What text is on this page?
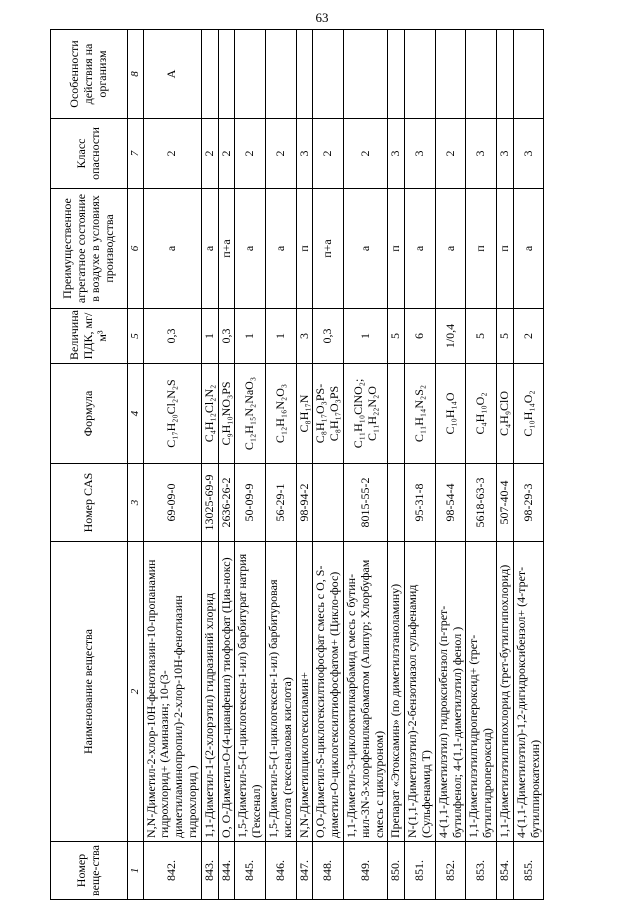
63
Номер веще-ства	Наименование вещества	Номер CAS	Формула	Величина ПДК, мг/м³	Преимущественное агрегатное состояние в воздухе в условиях производства	Класс опасности	Особенности действия на организм
1	2	3	4	5	6	7	8
842.	N,N-Диметил-2-хлор-10Н-фенотиазин-10-пропанамин гидрохлорид+ (Аминазин; 10-(3-диметиламинопропил)-2-хлор-10Н-фенотиазин гидрохлорид )	69-09-0	C₁₇H₂₀Cl₂N₂S	0,3	а	2	А
843.	1,1-Диметил-1-(2-хлорэтил) гидразиний хлорид	13025-69-9	C₄H₁₂Cl₂N₂	1	а	2	
844.	О, О-Диметил-О-(4-цианфенил) тиофосфат (Циа-нокс)	2636-26-2	C₉H₁₀NO₃PS	0,3	п+а	2	
845.	1,5-Диметил-5-(1-циклогексен-1-ил) барбитурат натрия (Гексенал)	50-09-9	C₁₂H₁₅N₂NaO₃	1	а	2	
846.	1,5-Диметил-5-(1-циклогексен-1-ил) барбитуровая кислота (гексеналовая кислота)	56-29-1	C₁₂H₁₆N₂O₃	1	а	2	
847.	N,N-Диметилциклогексиламин+	98-94-2	C₈H₁₇N	3	п	3	
848.	О,О-Диметил-S-циклогексилтиофосфат смесь с О, S-диметил-О-циклогексилтиофосфатом+ (Цикло-фос)		C₈H₁₇O₃PS-C₈H₁₇O₃PS	0,3	п+а	2	
849.	1,1-Диметил-3-циклооктилкарбамид смесь с бутин-нил-3N-3-хлорфенилкарбаматом (Алипур; Хлорбуфам смесь с циклуроном)	8015-55-2	C₁₁H₁₀ClNO₂; C₁₁H₂₂N₂O	1	а	2	
850.	Препарат «Этоксамин» (по диметилэтаноламину)			5	п	3	
851.	N-(1,1-Диметилэтил)-2-бензотиазол сульфенамид (Сульфенамид Т)	95-31-8	C₁₁H₁₄N₂S₂	6	а	3	
852.	4-(1,1-Диметилэтил) гидроксибензол (п-трет-бутилфенол; 4-(1,1-диметилэтил) фенол )	98-54-4	C₁₀H₁₄O	1/0,4	а	2	
853.	1,1-Диметилэтилгидропероксид+ (трет-бутилгидропероксид)	5618-63-3	C₄H₁₀O₂	5	п	3	
854.	1,1-Диметилэтилгипохлорид (трет-бутилгипохлорид)	507-40-4	C₄H₉ClO	5	п	3	
855.	4-(1,1-Диметилэтил)-1,2-дигидроксибензол+ (4-трет-бутилпирокатехин)	98-29-3	C₁₀H₁₄O₂	2	а	3	
